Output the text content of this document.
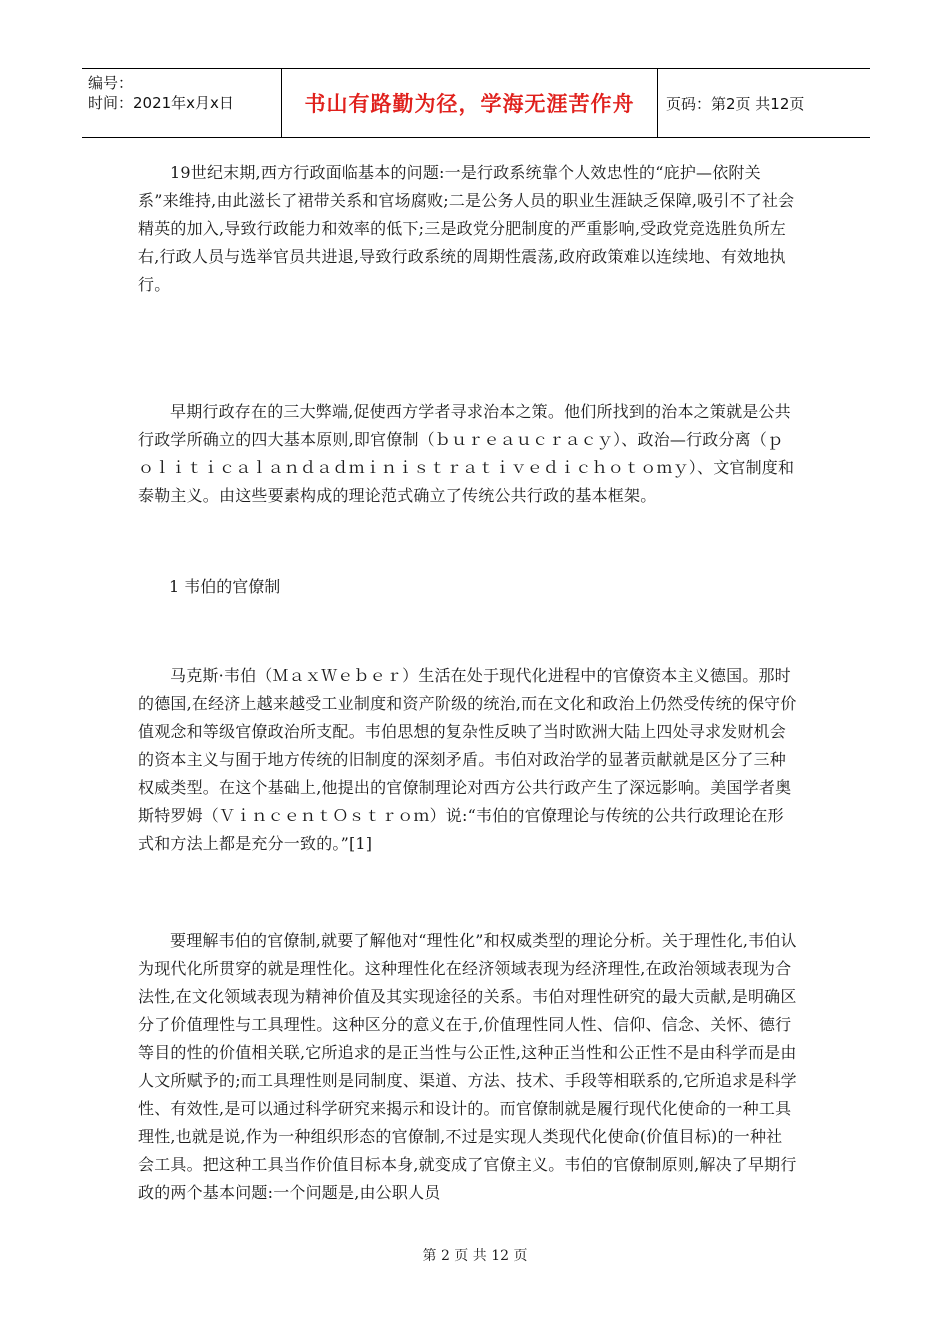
编号：
时间：2021年x月x日	书山有路勤为径，学海无涯苦作舟 页码：第2页 共12页

19世纪末期,西方行政面临基本的问题:一是行政系统靠个人效忠性的“庇护—依附关系”来维持,由此滋长了裙带关系和官场腐败;二是公务人员的职业生涯缺乏保障,吸引不了社会精英的加入,导致行政能力和效率的低下;三是政党分肥制度的严重影响,受政党竞选胜负所左右,行政人员与选举官员共进退,导致行政系统的周期性震荡,政府政策难以连续地、有效地执行。

早期行政存在的三大弊端,促使西方学者寻求治本之策。他们所找到的治本之策就是公共行政学所确立的四大基本原则,即官僚制（ｂｕｒｅａｕｃｒａｃｙ）、政治—行政分离（ｐｏｌｉｔｉｃａｌａｎｄａｄｍｉｎｉｓｔｒａｔｉｖｅｄｉｃｈｏｔｏｍｙ）、文官制度和泰勒主义。由这些要素构成的理论范式确立了传统公共行政的基本框架。

1 韦伯的官僚制

马克斯·韦伯（ＭａｘＷｅｂｅｒ）生活在处于现代化进程中的官僚资本主义德国。那时的德国,在经济上越来越受工业制度和资产阶级的统治,而在文化和政治上仍然受传统的保守价值观念和等级官僚政治所支配。韦伯思想的复杂性反映了当时欧洲大陆上四处寻求发财机会的资本主义与囿于地方传统的旧制度的深刻矛盾。韦伯对政治学的显著贡献就是区分了三种权威类型。在这个基础上,他提出的官僚制理论对西方公共行政产生了深远影响。美国学者奥斯特罗姆（ＶｉｎｃｅｎｔＯｓｔｒｏｍ）说:“韦伯的官僚理论与传统的公共行政理论在形式和方法上都是充分一致的。”[1]

要理解韦伯的官僚制,就要了解他对“理性化”和权威类型的理论分析。关于理性化,韦伯认为现代化所贯穿的就是理性化。这种理性化在经济领域表现为经济理性,在政治领域表现为合法性,在文化领域表现为精神价值及其实现途径的关系。韦伯对理性研究的最大贡献,是明确区分了价值理性与工具理性。这种区分的意义在于,价值理性同人性、信仰、信念、关怀、德行等目的性的价值相关联,它所追求的是正当性与公正性,这种正当性和公正性不是由科学而是由人文所赋予的;而工具理性则是同制度、渠道、方法、技术、手段等相联系的,它所追求是科学性、有效性,是可以通过科学研究来揭示和设计的。而官僚制就是履行现代化使命的一种工具理性,也就是说,作为一种组织形态的官僚制,不过是实现人类现代化使命(价值目标)的一种社会工具。把这种工具当作价值目标本身,就变成了官僚主义。韦伯的官僚制原则,解决了早期行政的两个基本问题:一个问题是,由公职人员

第 2 页 共 12 页
